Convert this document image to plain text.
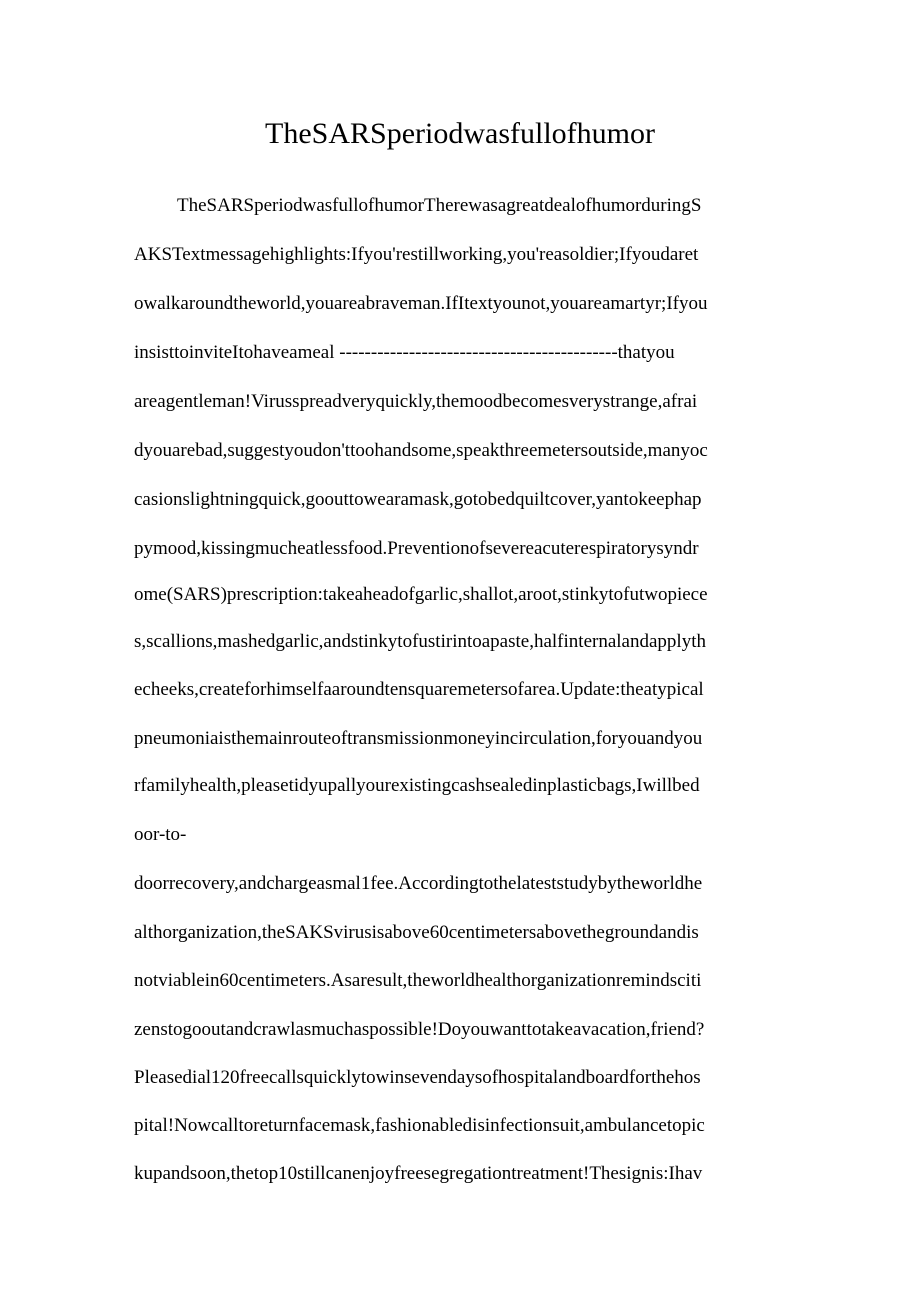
TheSARSperiodwasfullofhumor
TheSARSperiodwasfullofhumorTherewasagreatdealofhumorduringS
AKSTextmessagehighlights:Ifyou'restillworking,you'reasoldier;Ifyoudaret
owalkaroundtheworld,youareabraveman.IfItextyounot,youareamartyr;Ifyou
insisttoinviteItohaveameal --------------------------------------------thatyou
areagentleman!Virusspreadveryquickly,themoodbecomesverystrange,afrai
dyouarebad,suggestyoudon'ttoohandsome,speakthreemetersoutside,manyoc
casionslightningquick,goouttowearamask,gotobedquiltcover,yantokeephap
pymood,kissingmucheatlessfood.Preventionofsevereacuterespiratorysyndr
ome(SARS)prescription:takeaheadofgarlic,shallot,aroot,stinkytofutwopiece
s,scallions,mashedgarlic,andstinkytofustirintoapaste,halfinternalandapplyth
echeeks,createforhimselfaaroundtensquaremetersofarea.Update:theatypical
pneumoniaisthemainrouteoftransmissionmoneyincirculation,foryouandyou
rfamilyhealth,pleasetidyupallyourexistingcashsealedinplasticbags,Iwillbed
oor-to-
doorrecovery,andchargeasmal1fee.Accordingtothelateststudybytheworldhe
althorganization,theSAKSvirusisabove60centimetersabovethegroundandis
notviablein60centimeters.Asaresult,theworldhealthorganizationremindsciti
zenstogooutandcrawlasmuchaspossible!Doyouwanttotakeavacation,friend?
Pleasedial120freecallsquicklytowinsevendaysofhospitalandboardforthehos
pital!Nowcalltoreturnfacemask,fashionabledisinfectionsuit,ambulancetopic
kupandsoon,thetop10stillcanenjoyfreesegregationtreatment!Thesignis:Ihav
